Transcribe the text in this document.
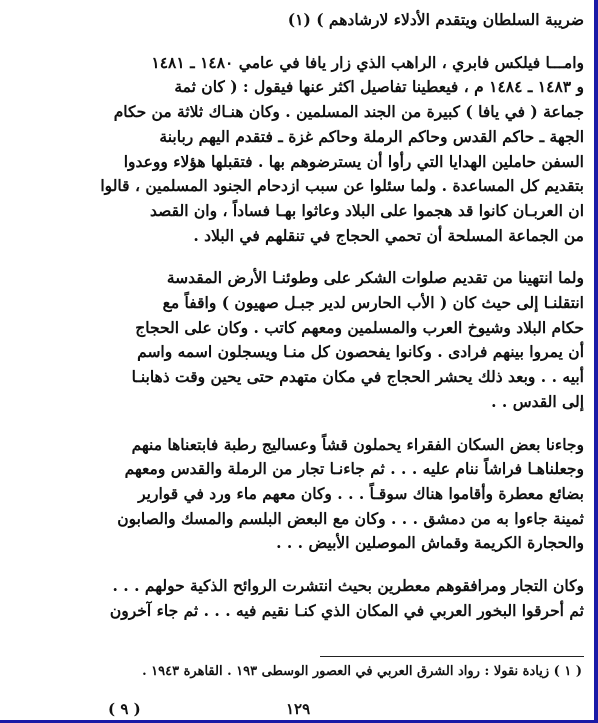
ضريبة السلطان ويتقدم الأدلاء لارشادهم ) (١)
وامـــا فيلكس فابري ، الراهب الذي زار يافا في عامي ١٤٨٠ ـ ١٤٨١
و ١٤٨٣ ـ ١٤٨٤ م ، فيعطينا تفاصيل اكثر عنها فيقول : ( كان ثمة
جماعة ( في يافا ) كبيرة من الجند المسلمين . وكان هنـاك ثلاثة من حكام
الجهة ـ حاكم القدس وحاكم الرملة وحاكم غزة ـ فتقدم اليهم ربابنة
السفن حاملين الهدايا التي رأوا أن يسترضوهم بها . فتقبلها هؤلاء ووعدوا
بتقديم كل المساعدة . ولما سئلوا عن سبب ازدحام الجنود المسلمين ، قالوا
ان العربـان كانوا قد هجموا على البلاد وعاثوا بهـا فساداً ، وان القصد
من الجماعة المسلحة أن تحمي الحجاج في تنقلهم في البلاد .
ولما انتهينا من تقديم صلوات الشكر على وطوئنـا الأرض المقدسة
انتقلنـا إلى حيث كان ( الأب الحارس لدير جبـل صهيون ) واقفاً مع
حكام البلاد وشيوخ العرب والمسلمين ومعهم كاتب . وكان على الحجاج
أن يمروا بينهم فرادى . وكانوا يفحصون كل منـا ويسجلون اسمه واسم
أبيه . . وبعد ذلك يحشر الحجاج في مكان متهدم حتى يحين وقت ذهابنـا
إلى القدس . .
وجاءنا بعض السكان الفقراء يحملون قشاً وعساليج رطبة فابتعناها منهم
وجعلناهـا فراشاً ننام عليه . . . ثم جاءنـا تجار من الرملة والقدس ومعهم
بضائع معطرة وأقاموا هناك سوقـاً . . . وكان معهم ماء ورد في قوارير
ثمينة جاءوا به من دمشق . . . وكان مع البعض البلسم والمسك والصابون
والحجارة الكريمة وقماش الموصلين الأبيض . . .
وكان التجار ومرافقوهم معطرين بحيث انتشرت الروائح الذكية حولهم . . .
ثم أحرقوا البخور العربي في المكان الذي كنـا نقيم فيه . . . ثم جاء آخرون
( ١ ) زيادة نقولا : رواد الشرق العربي في العصور الوسطى ١٩٣ . القاهرة ١٩٤٣ .
١٢٩
( ٩ )
